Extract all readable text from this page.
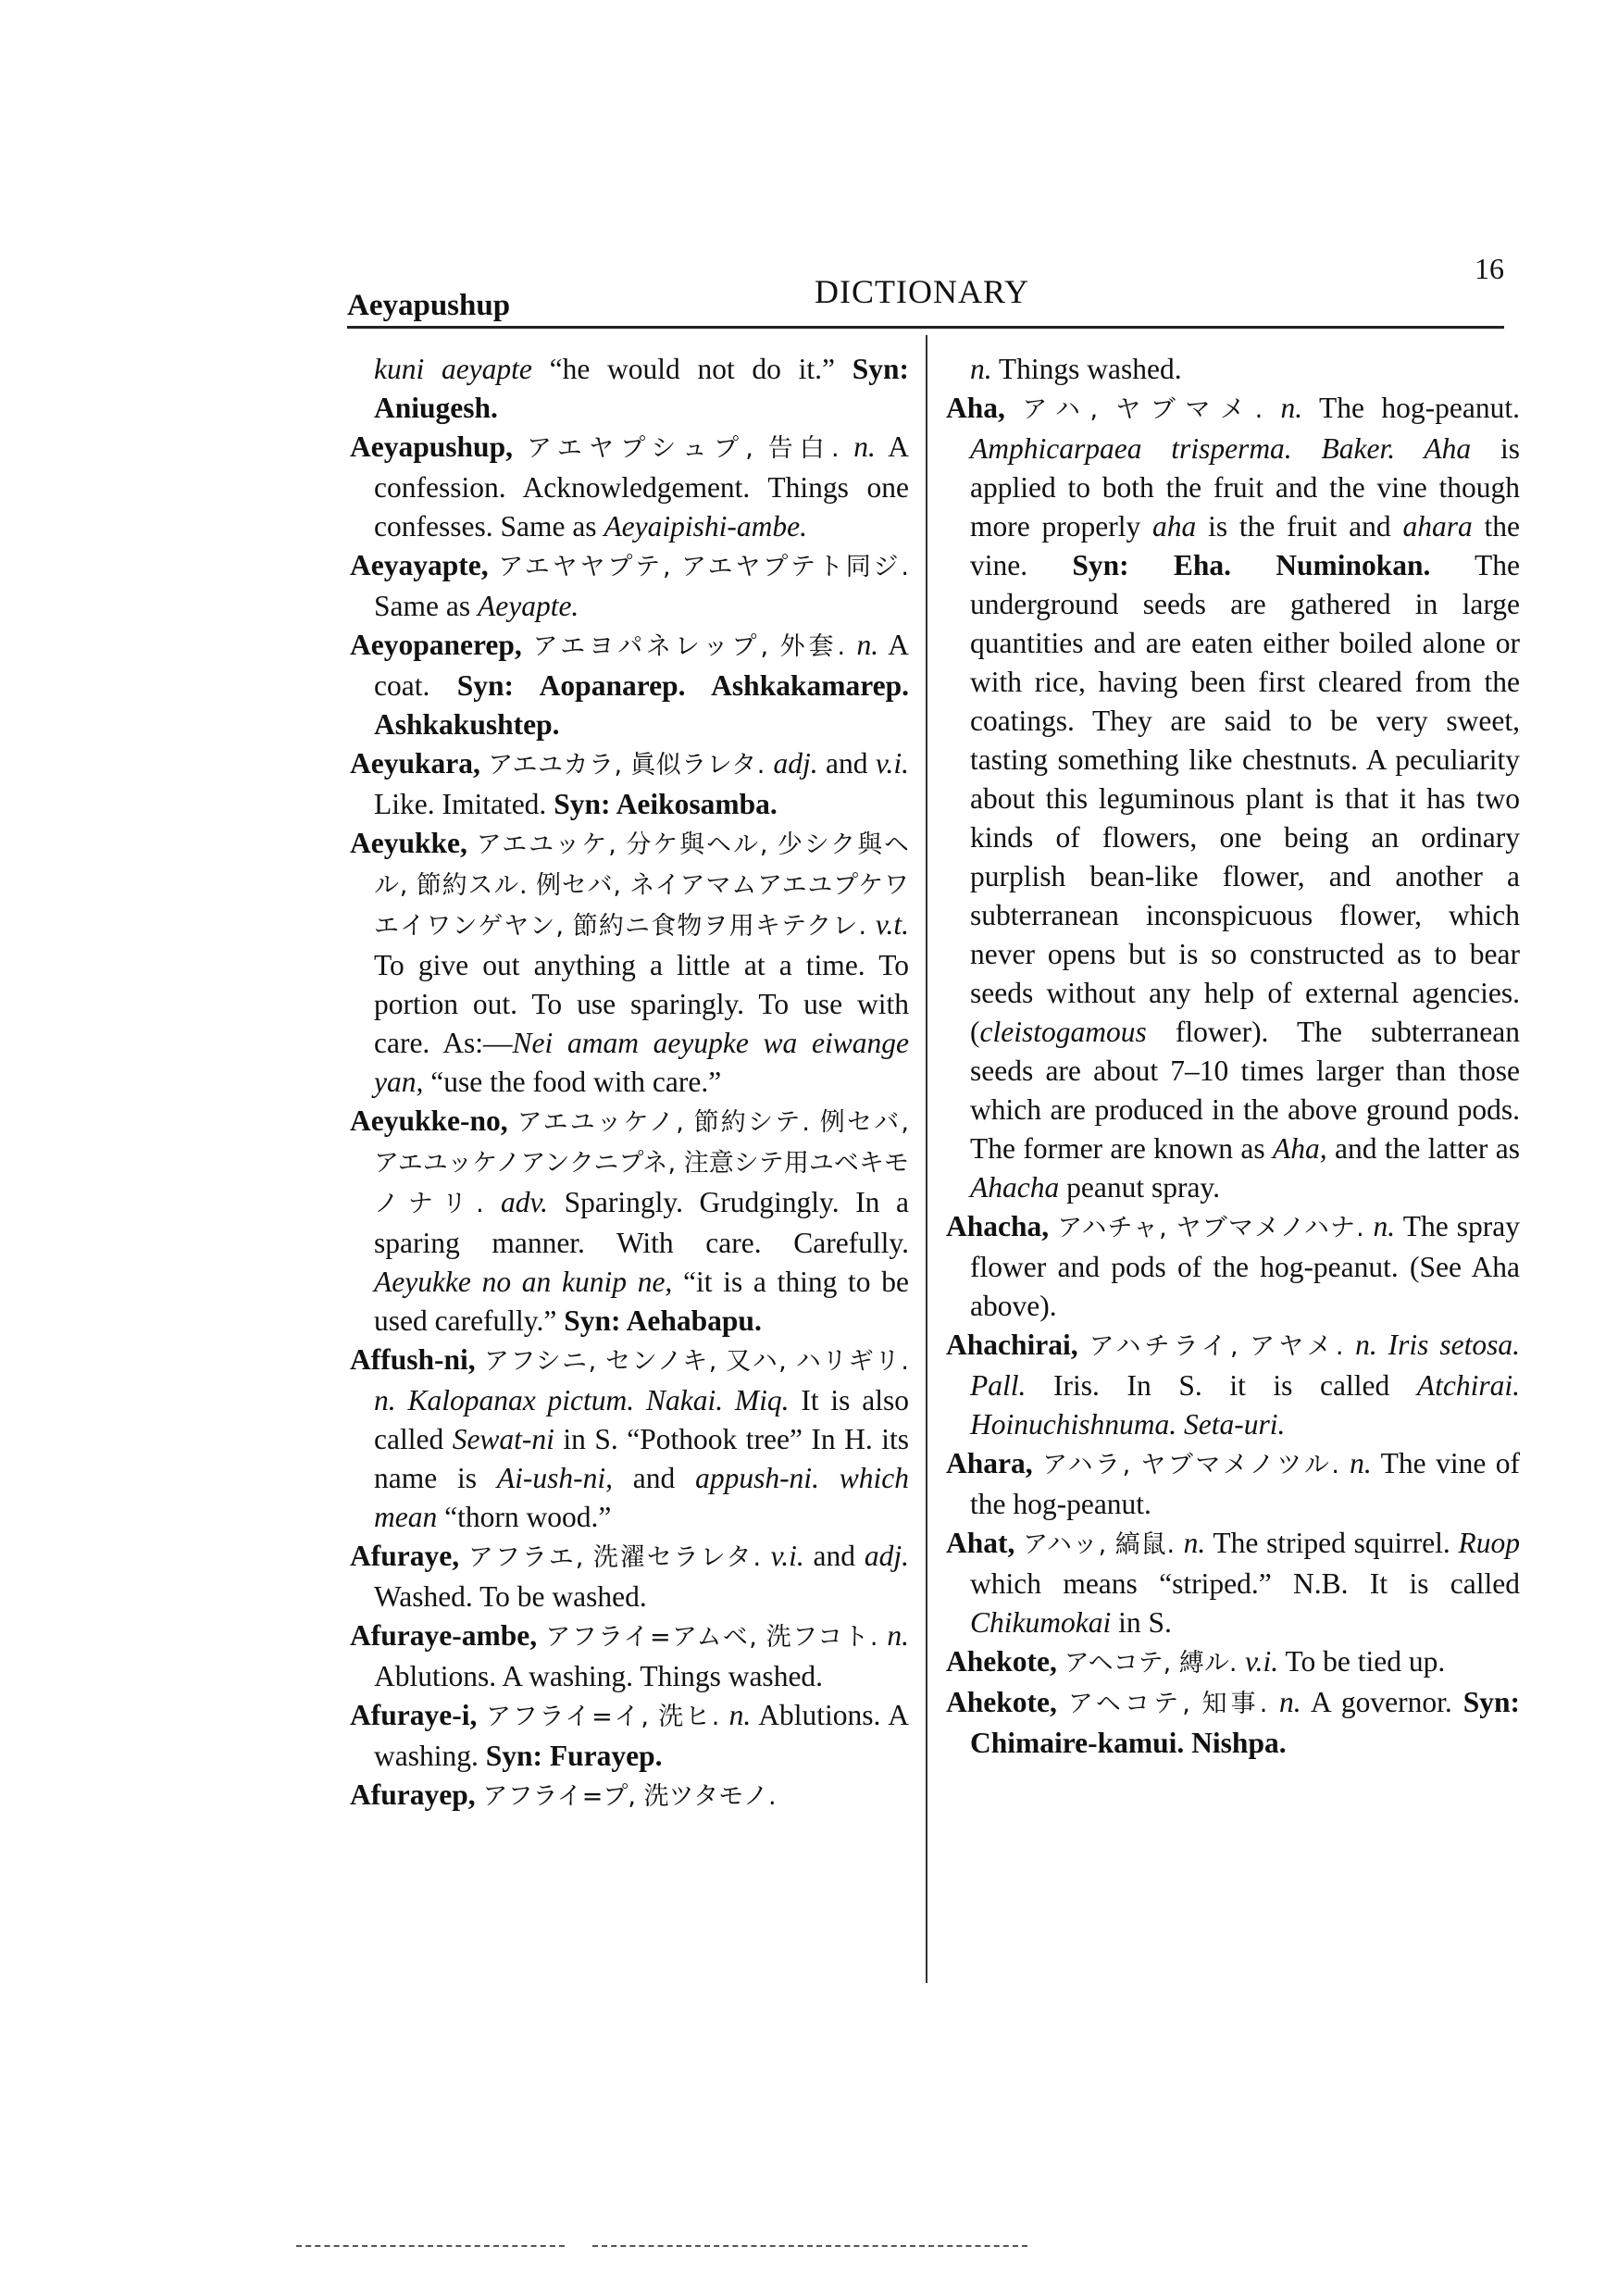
Aeyapushup	DICTIONARY
16

kuni aeyapte “he would not do it.” Syn: Aniugesh.

Aeyapushup, アエヤプシュプ, 告白. n. A confession. Acknowledgement. Things one confesses. Same as Aeyaipishi-ambe.

Aeyayapte, アエヤヤプテ, アエヤプテト同ジ. Same as Aeyapte.

Aeyopanerep, アエヨパネレップ, 外套. n. A coat. Syn: Aopanarep. Ashkakamarep. Ashkakushtep.

Aeyukara, アエユカラ, 眞似ラレタ. adj. and v.i. Like. Imitated. Syn: Aeikosamba.

Aeyukke, アエユッケ, 分ケ與ヘル, 少シク與ヘル, 節約スル. 例セバ, ネイアマムアエユプケワエイワンゲヤン, 節約ニ食物ヲ用キテクレ. v.t. To give out anything a little at a time. To portion out. To use sparingly. To use with care. As:—Nei amam aeyupke wa eiwange yan, “use the food with care.”

Aeyukke-no, アエユッケノ, 節約シテ. 例セバ, アエユッケノアンクニプネ, 注意シテ用ユベキモノナリ. adv. Sparingly. Grudgingly. In a sparing manner. With care. Carefully. Aeyukke no an kunip ne, “it is a thing to be used carefully.” Syn: Aehabapu.

Affush-ni, アフシニ, センノキ, 又ハ, ハリギリ. n. Kalopanax pictum. Nakai. Miq. It is also called Sewat-ni in S. “Pothook tree” In H. its name is Ai-ush-ni, and appush-ni. which mean “thorn wood.”

Afuraye, アフラエ, 洗濯セラレタ. v.i. and adj. Washed. To be washed.

Afuraye-ambe, アフライ=アムベ, 洗フコト. n. Ablutions. A washing. Things washed.

Afuraye-i, アフライ=イ, 洗ヒ. n. Ablutions. A washing. Syn: Furayep.

Afurayep, アフライ=プ, 洗ツタモノ.

n. Things washed.

Aha, アハ, ヤブマメ. n. The hog-peanut. Amphicarpaea trisperma. Baker. Aha is applied to both the fruit and the vine though more properly aha is the fruit and ahara the vine. Syn: Eha. Numinokan. The underground seeds are gathered in large quantities and are eaten either boiled alone or with rice, having been first cleared from the coatings. They are said to be very sweet, tasting something like chestnuts. A peculiarity about this leguminous plant is that it has two kinds of flowers, one being an ordinary purplish bean-like flower, and another a subterranean inconspicuous flower, which never opens but is so constructed as to bear seeds without any help of external agencies. (cleistogamous flower). The subterranean seeds are about 7–10 times larger than those which are produced in the above ground pods. The former are known as Aha, and the latter as Ahacha peanut spray.

Ahacha, アハチャ, ヤブマメノハナ. n. The spray flower and pods of the hog-peanut. (See Aha above).

Ahachirai, アハチライ, アヤメ. n. Iris setosa. Pall. Iris. In S. it is called Atchirai. Hoinuchishnuma. Seta-uri.

Ahara, アハラ, ヤブマメノツル. n. The vine of the hog-peanut.

Ahat, アハッ, 縞鼠. n. The striped squirrel. Ruop which means “striped.” N.B. It is called Chikumokai in S.

Ahekote, アヘコテ, 縛ル. v.i. To be tied up.

Ahekote, アヘコテ, 知事. n. A governor. Syn: Chimaire-kamui. Nishpa.
